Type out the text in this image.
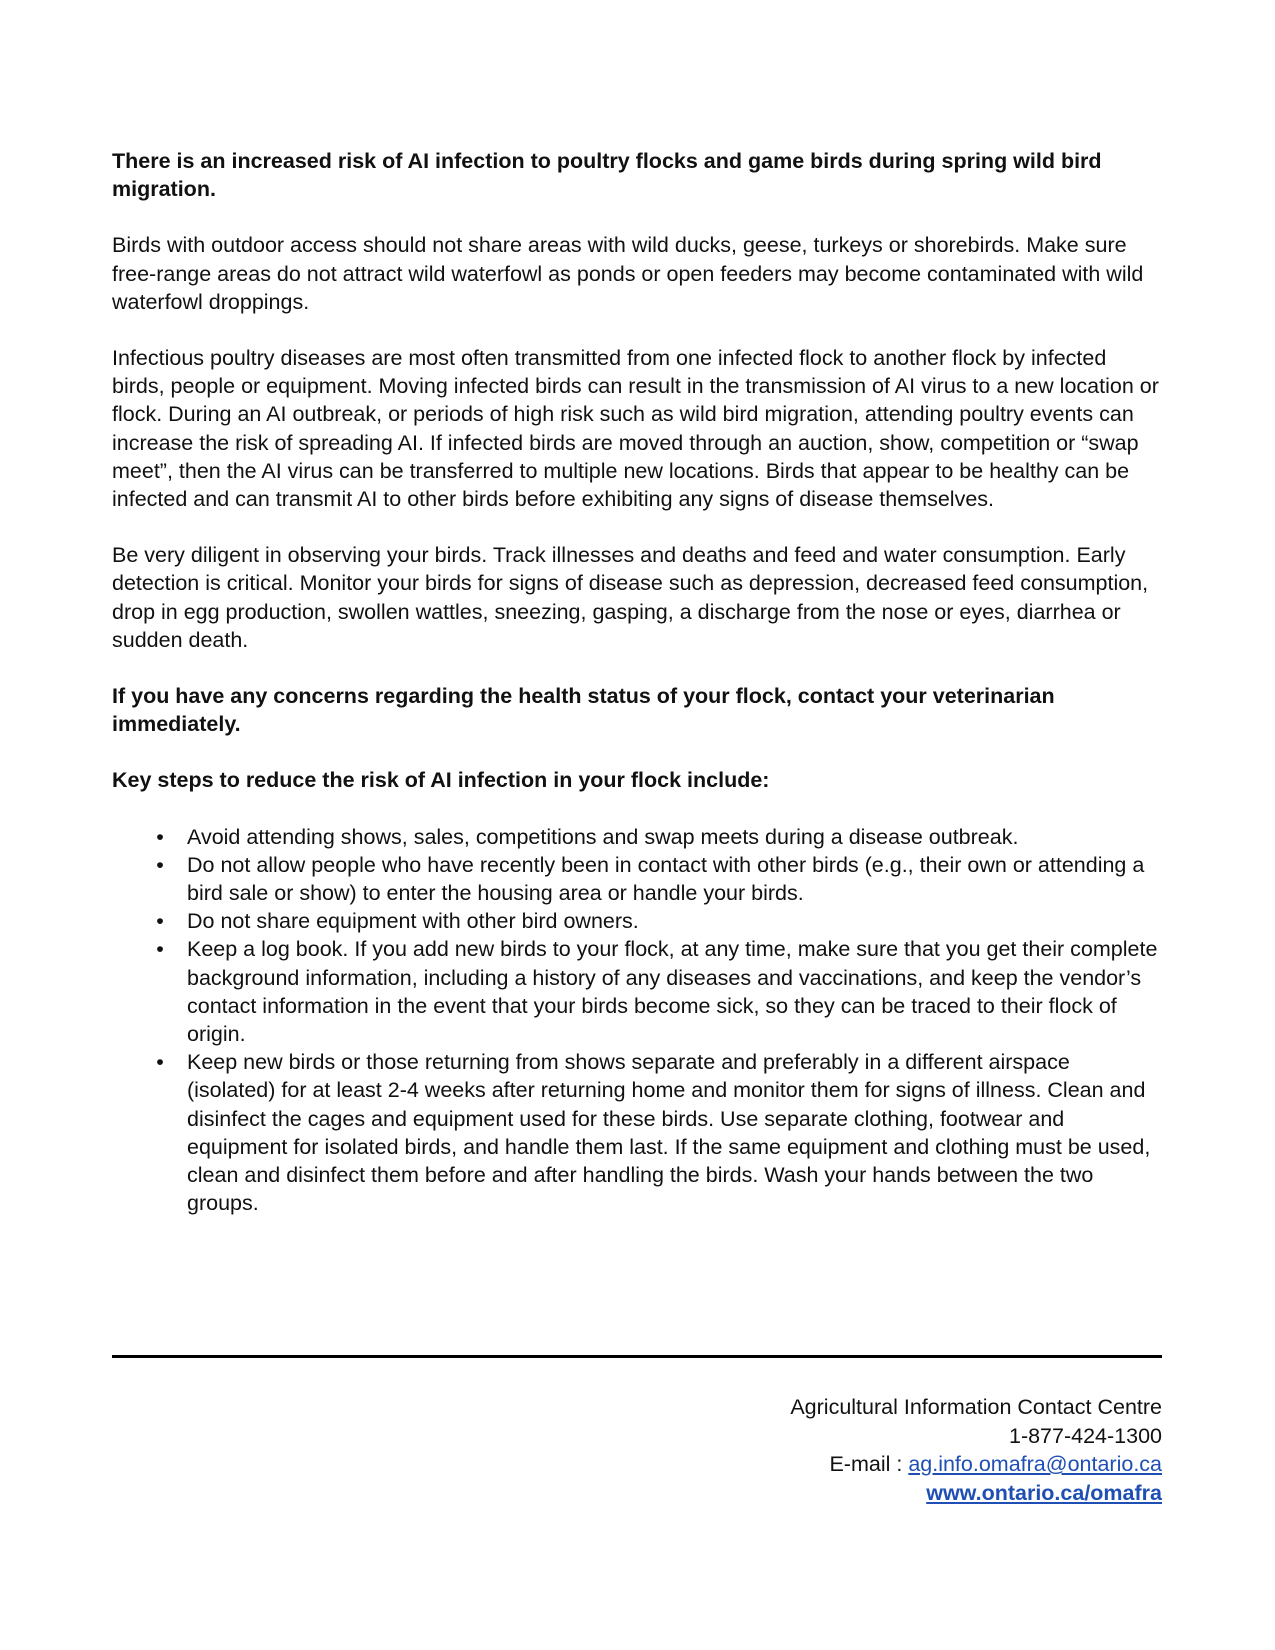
There is an increased risk of AI infection to poultry flocks and game birds during spring wild bird migration.

Birds with outdoor access should not share areas with wild ducks, geese, turkeys or shorebirds. Make sure free-range areas do not attract wild waterfowl as ponds or open feeders may become contaminated with wild waterfowl droppings.

Infectious poultry diseases are most often transmitted from one infected flock to another flock by infected birds, people or equipment. Moving infected birds can result in the transmission of AI virus to a new location or flock. During an AI outbreak, or periods of high risk such as wild bird migration, attending poultry events can increase the risk of spreading AI. If infected birds are moved through an auction, show, competition or “swap meet”, then the AI virus can be transferred to multiple new locations. Birds that appear to be healthy can be infected and can transmit AI to other birds before exhibiting any signs of disease themselves.

Be very diligent in observing your birds. Track illnesses and deaths and feed and water consumption. Early detection is critical. Monitor your birds for signs of disease such as depression, decreased feed consumption, drop in egg production, swollen wattles, sneezing, gasping, a discharge from the nose or eyes, diarrhea or sudden death.

If you have any concerns regarding the health status of your flock, contact your veterinarian immediately.

Key steps to reduce the risk of AI infection in your flock include:

• Avoid attending shows, sales, competitions and swap meets during a disease outbreak.
• Do not allow people who have recently been in contact with other birds (e.g., their own or attending a bird sale or show) to enter the housing area or handle your birds.
• Do not share equipment with other bird owners.
• Keep a log book. If you add new birds to your flock, at any time, make sure that you get their complete background information, including a history of any diseases and vaccinations, and keep the vendor’s contact information in the event that your birds become sick, so they can be traced to their flock of origin.
• Keep new birds or those returning from shows separate and preferably in a different airspace (isolated) for at least 2-4 weeks after returning home and monitor them for signs of illness. Clean and disinfect the cages and equipment used for these birds. Use separate clothing, footwear and equipment for isolated birds, and handle them last. If the same equipment and clothing must be used, clean and disinfect them before and after handling the birds. Wash your hands between the two groups.
Agricultural Information Contact Centre
1-877-424-1300
E-mail : ag.info.omafra@ontario.ca
www.ontario.ca/omafra
